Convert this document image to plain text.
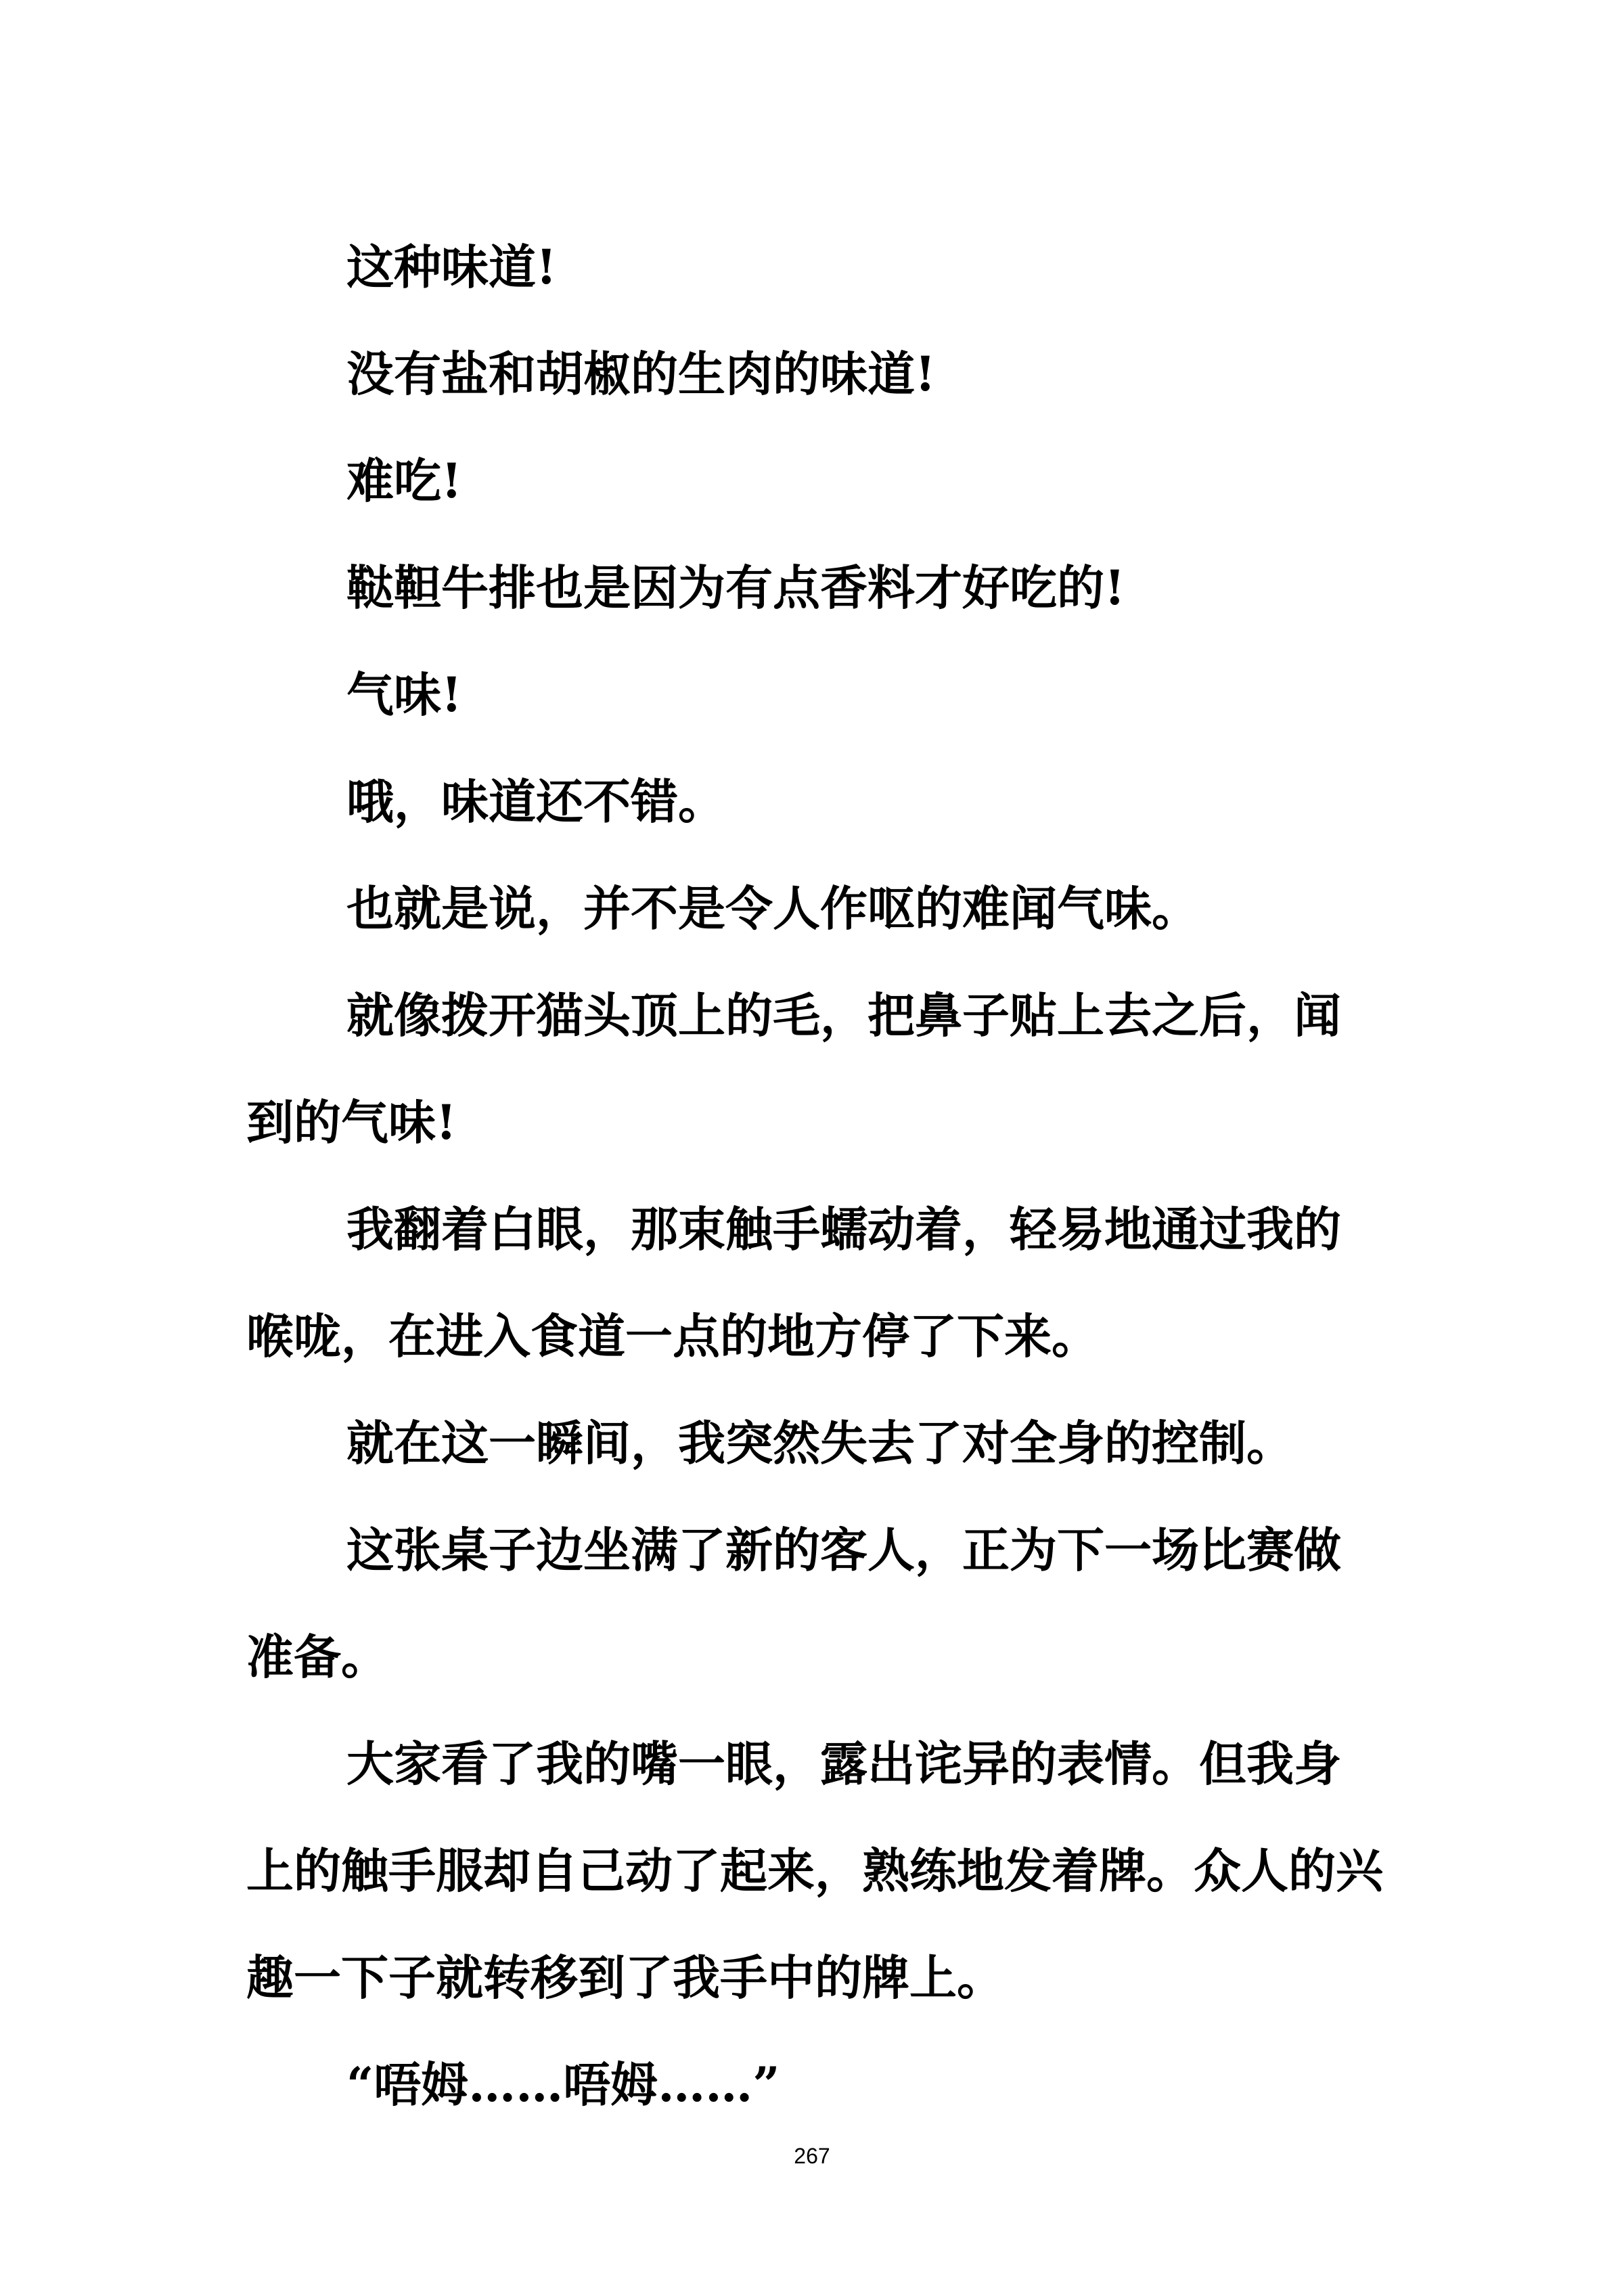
这种味道!

没有盐和胡椒的生肉的味道!

难吃!

鞑靼牛排也是因为有点香料才好吃的!

气味!

哦，味道还不错。

也就是说，并不是令人作呕的难闻气味。

就像拨开猫头顶上的毛，把鼻子贴上去之后，闻到的气味!

我翻着白眼，那束触手蠕动着，轻易地通过我的喉咙，在进入食道一点的地方停了下来。

就在这一瞬间，我突然失去了对全身的控制。

这张桌子边坐满了新的客人，正为下一场比赛做准备。

大家看了我的嘴一眼，露出诧异的表情。但我身上的触手服却自己动了起来，熟练地发着牌。众人的兴趣一下子就转移到了我手中的牌上。

“唔姆……唔姆……”

267
